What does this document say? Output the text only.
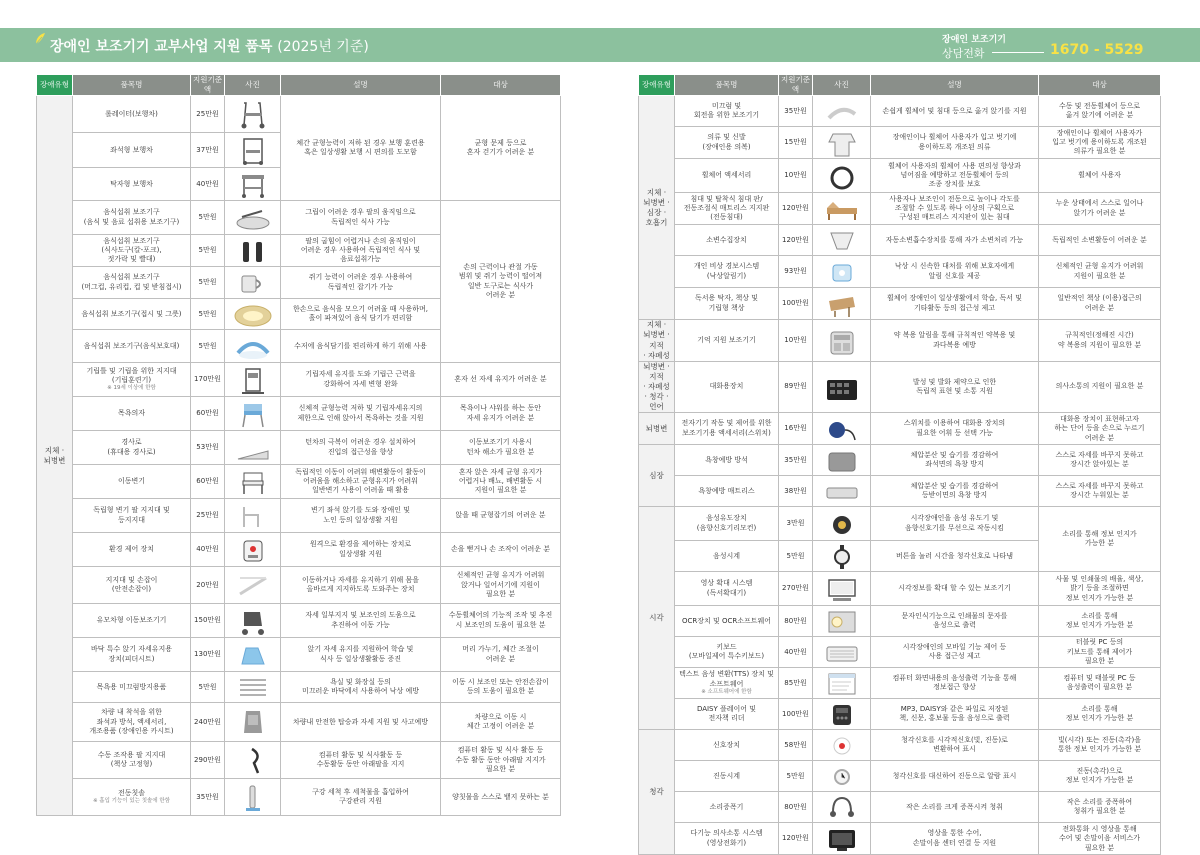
장애인 보조기기 교부사업 지원 품목 (2025년 기준)	장애인 보조기기
상담전화	1670 - 5529
장애유형	품목명	지원기준액	사진	설명	대상

지체 ·
뇌병변	롤레이터(보행차)	25만원		체간 균형능력이 저하 된 경우 보행 훈련용
혹은 일상생활 보행 시 편의를 도모함	균형 문제 등으로
혼자 걷기가 어려운 분

	좌석형 보행차	37만원

	탁자형 보행차	40만원

	음식섭취 보조기구
(음식 및 음료 섭취용 보조기구)	5만원		그립이 어려운 경우 팔의 움직임으로
독립적인 식사 가능	손의 근력이나 관절 가동
범위 및 쥐기 능력이 떨어져
일반 도구로는 식사가
어려운 분

	음식섭취 보조기구
(식사도구(칼-포크),
젓가락 및 빨대)	5만원		팔의 굽힘이 어렵거나 손의 움직임이
어려운 경우 사용하여 독립적인 식사 및
음료섭취가능	

	음식섭취 보조기구
(머그컵, 유리컵, 컵 및 받침접시)	5만원		쥐기 능력이 어려운 경우 사용하여
독립적인 잡기가 가능	

	음식섭취 보조기구(접시 및 그릇)	5만원		한손으로 음식을 모으기 어려울 때 사용하며,
흘이 파져있어 음식 담기가 편리함	

	음식섭취 보조기구(음식보호대)	5만원		수저에 음식담기를 편리하게 하기 위해 사용	

	기립틀 및 기립을 위한 지지대
(기립훈련기)
※ 19세 이상에 한함	170만원		기립자세 유지를 도와 기립근 근력을
강화하여 자세 변형 완화	혼자 선 자세 유지가 어려운 분

	목욕의자	60만원		신체적 균형능력 저하 및 기립자세유지의
제한으로 인해 앉아서 목욕하는 것을 지원	목욕이나 샤워를 하는 동안
자세 유지가 어려운 분

	경사로
(휴대용 경사로)	53만원		턴차의 극복이 어려운 경우 설치하여
진입의 접근성을 향상	이동보조기기 사용시
턴차 해소가 필요한 분

	이동변기	60만원		독립적인 이동이 어려워 배변활동이 활동이
어려움을 해소하고 균형유지가 어려워
일반변기 사용이 어려울 때 활용	혼자 앉은 자세 균형 유지가
어렵거나 배뇨, 배변활동 시
지원이 필요한 분

	독립형 변기 팔 지지대 및
등지지대	25만원		변기 좌석 앉기를 도와 장애인 및
노인 등의 일상생활 지원	앉을 때 균형잡기의 어려운 분

	환경 제어 장치	40만원		원격으로 환경을 제어하는 장치로
일상생활 지원	손을 뻗거나 손 조작이 어려운 분

	지지대 및 손잡이
(안전손잡이)	20만원		이동하거나 자세를 유지하기 위해 몸을
올바르게 지지하도록 도와주는 장치	신체적인 균형 유지가 어려워
앉거나 일어서기에 지원이
필요한 분

	유모차형 이동보조기기	150만원		자세 일부지지 및 보조인의 도움으로
추진하여 이동 가능	수동휠체어의 기능적 조작 및 추진
시 보조인의 도움이 필요한 분

	바닥 특수 앉기 자세유지용
장치(피더시트)	130만원		앉기 자세 유지를 지원하여 학습 및
식사 등 일상생활활동 증진	머리 가누기, 체간 조절이
어려운 분

	목욕용 미끄럼방지용품	5만원		욕실 및 화장실 등의
미끄러운 바닥에서 사용하여 낙상 예방	이동 시 보조인 또는 안전손잡이
등의 도움이 필요한 분

	차량 내 착석을 위한
좌석과 방석, 액세서리,
개조용품 (장애인용 카시트)	240만원		차량내 안전한 탑승과 자세 지원 및 사고예방	차량으로 이동 시
체간 고정이 어려운 분

	수동 조작용 팔 지지대
(책상 고정형)	290만원		컴퓨터 활동 및 식사활동 등
수동활동 동안 아래팔을 지지	컴퓨터 활동 및 식사 활동 등
수동 활동 동안 아래팔 지지가
필요한 분

	전동칫솔
※ 흡입 기능이 있는 칫솔에 한함	35만원		구강 세척 후 세척물을 흡입하여
구강관리 지원	양칫물을 스스로 뱉지 못하는 분
장애유형	품목명	지원기준액	사진	설명	대상

지체 ·
뇌병변 ·
심장 ·
호흡기	미끄럼 및
회전을 위한 보조기기	35만원		손쉽게 휠체어 및 침대 등으로 옮겨 앉기를 지원	수동 및 전동휠체어 등으로
옮겨 앉기에 어려운 분

	의류 및 신발
(장애인용 의복)	15만원		장애인이나 휠체어 사용자가 입고 벗기에
용이하도록 개조된 의류	장애인이나 휠체어 사용자가
입고 벗기에 용이하도록 개조된
의류가 필요한 분

	휠체어 액세서리	10만원		휠체어 사용자의 휠체어 사용 편의성 향상과
넘어짐을 예방하고 전동휠체어 등의
조종 장치를 보호	휠체어 사용자

	침대 및 탈착식 침대 판/
전동조절식 매트리스 지지판
(전동침대)	120만원		사용자나 보조인이 전동으로 높이나 각도를
조절할 수 있도록 하나 이상의 구획으로
구성된 매트리스 지지판이 있는 침대	누운 상태에서 스스로 일어나
앉기가 어려운 분

	소변수집장치	120만원		자동소변흡수장치를 통해 자가 소변처리 가능	독립적인 소변활동이 어려운 분

	개인 비상 경보시스템
(낙상알림기)	93만원		낙상 시 신속한 대처를 위해 보호자에게
알림 신호를 제공	신체적인 균형 유지가 어려워
지원이 필요한 분

	독서용 탁자, 책상 및
기립형 책상	100만원		휠체어 장애인이 일상생활에서 학습, 독서 및
기타활동 등의 접근성 제고	일반적인 책상 (이용)접근의
어려운 분

지체 ·
뇌병변 · 지적
· 자폐성	기억 지원 보조기기	10만원		약 복용 알림을 통해 규칙적인 약복용 및
과다복용 예방	규칙적인(정해진 시간)
약 복용의 지원이 필요한 분

뇌병변 · 지적
· 자폐성
· 청각 · 언어	대화용장치	89만원		발성 및 발화 제약으로 인한
독립적 표현 및 소통 지원	의사소통의 지원이 필요한 분

뇌병변	전자기기 작동 및 제어를 위한
보조기기용 액세서리(스위치)	16만원		스위치를 이용하여 대화용 장치의
필요한 어휘 등 선택 가능	대화용 장치이 표현하고자
하는 단어 등을 손으로 누르기
어려운 분

심장	욕창예방 방석	35만원		체압분산 및 습기를 경감하여
좌석면의 욕창 방지	스스로 자세를 바꾸지 못하고
장시간 앉아있는 분

	욕창예방 매트리스	38만원		체압분산 및 습기를 경감하여
등받이면의 욕창 방지	스스로 자세를 바꾸지 못하고
장시간 누워있는 분

시각	음성유도장치
(음향신호기리모컨)	3만원		시각장애인을 음성 유도기 및
음향신호기를 무선으로 작동시킴	소리를 통해 정보 인지가
가능한 분

	음성시계	5만원		버튼을 눌러 시간을 청각신호로 나타냄	

	영상 확대 시스템
(독서확대기)	270만원		시각정보를 확대 할 수 있는 보조기기	사물 및 인쇄물의 배율, 색상,
밝기 등을 조절하면
정보 인지가 가능한 분

	OCR장치 및 OCR소프트웨어	80만원		문자인식기능으로 인쇄물의 문자를
음성으로 출력	소리를 통해
정보 인지가 가능한 분

	키보드
(모바일제어 특수키보드)	40만원		시각장애인의 모바일 기능 제어 등
사용 접근성 제고	터블릿 PC 등의
키보드를 통해 제어가
필요한 분

	텍스트 음성 변환(TTS) 장치 및
소프트웨어
※ 소프트웨어에 한함	85만원		컴퓨터 화면내용의 음성출력 기능을 통해
정보접근 향상	컴퓨터 및 태블릿 PC 등
음성출력이 필요한 분

	DAISY 플레이어 및
전자책 리더	100만원		MP3, DAISY와 같은 파일로 저장된
책, 신문, 홍보물 등을 음성으로 출력	소리를 통해
정보 인지가 가능한 분

청각	신호장치	58만원		청각신호를 시각적신호(빛, 진동)로
변환하여 표시	빛(시각) 또는 진동(촉각)을
통한 정보 인지가 가능한 분

	진동시계	5만원		청각신호를 대신하여 진동으로 알람 표시	진동(촉각)으로
정보 인지가 가능한 분

	소리증폭기	80만원		작은 소리를 크게 증폭시켜 청취	작은 소리를 증폭하여
청취가 필요한 분

	다기능 의사소통 시스템
(영상전화기)	120만원		영상을 통한 수어,
손말이음 센터 연결 등 지원	전화통화 시 영상을 통해
수어 및 손말이음 서비스가
필요한 분
